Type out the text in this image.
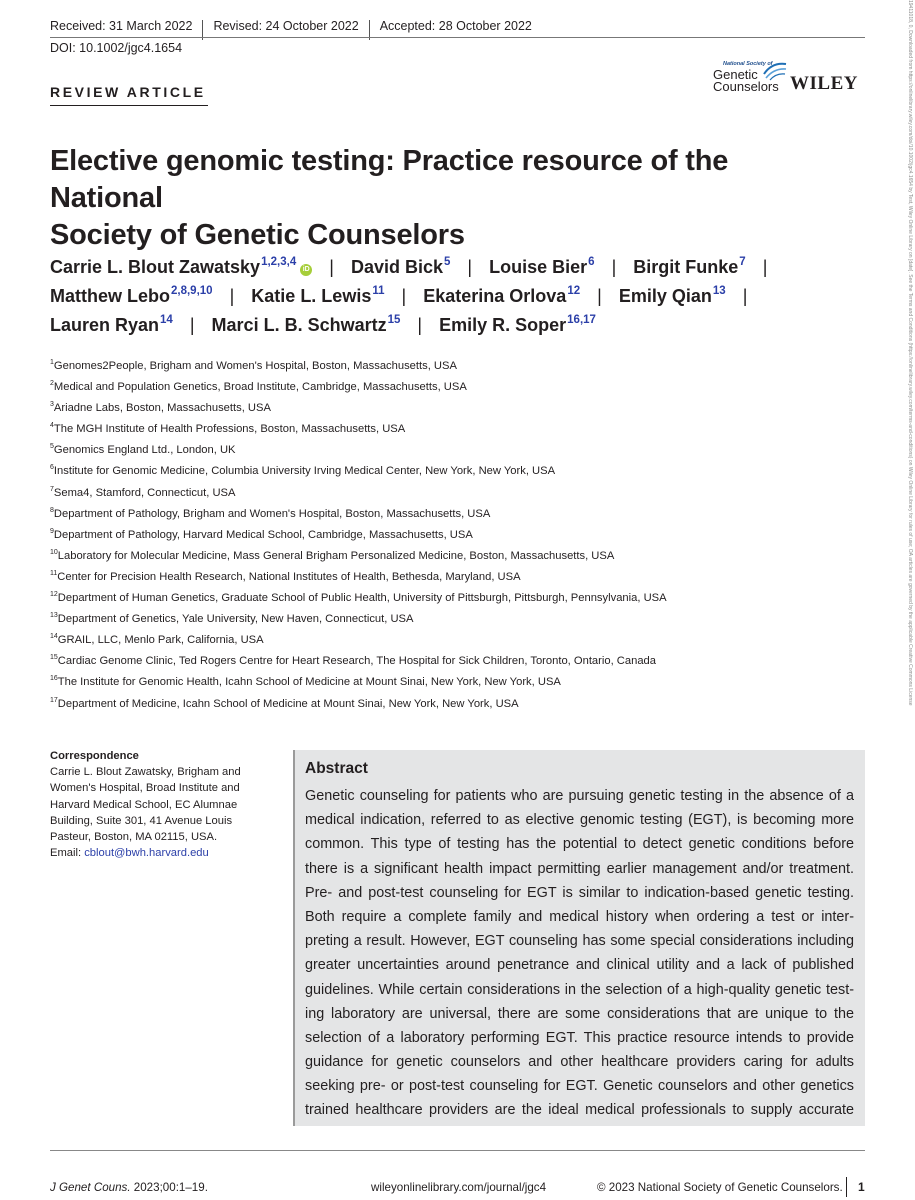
Received: 31 March 2022 Revised: 24 October 2022 Accepted: 28 October 2022
DOI: 10.1002/jgc4.1654
REVIEW ARTICLE
National Society of
Genetic
Counselors WILEY
Elective genomic testing: Practice resource of the National
Society of Genetic Counselors
Carrie L. Blout Zawatsky$^{1,2,3,4}$iD | David Bick$^5$ | Louise Bier$^6$ | Birgit Funke$^7$ |
Matthew Lebo$^{2,8,9,10}$ | Katie L. Lewis$^{11}$ | Ekaterina Orlova$^{12}$ | Emily Qian$^{13}$ |
Lauren Ryan$^{14}$ | Marci L. B. Schwartz$^{15}$ | Emily R. Soper$^{16,17}$
$^1$Genomes2People, Brigham and Women's Hospital, Boston, Massachusetts, USA
$^2$Medical and Population Genetics, Broad Institute, Cambridge, Massachusetts, USA
$^3$Ariadne Labs, Boston, Massachusetts, USA
$^4$The MGH Institute of Health Professions, Boston, Massachusetts, USA
$^5$Genomics England Ltd., London, UK
$^6$Institute for Genomic Medicine, Columbia University Irving Medical Center, New York, New York, USA
$^7$Sema4, Stamford, Connecticut, USA
$^8$Department of Pathology, Brigham and Women's Hospital, Boston, Massachusetts, USA
$^9$Department of Pathology, Harvard Medical School, Cambridge, Massachusetts, USA
$^{10}$Laboratory for Molecular Medicine, Mass General Brigham Personalized Medicine, Boston, Massachusetts, USA
$^{11}$Center for Precision Health Research, National Institutes of Health, Bethesda, Maryland, USA
$^{12}$Department of Human Genetics, Graduate School of Public Health, University of Pittsburgh, Pittsburgh, Pennsylvania, USA
$^{13}$Department of Genetics, Yale University, New Haven, Connecticut, USA
$^{14}$GRAIL, LLC, Menlo Park, California, USA
$^{15}$Cardiac Genome Clinic, Ted Rogers Centre for Heart Research, The Hospital for Sick Children, Toronto, Ontario, Canada
$^{16}$The Institute for Genomic Health, Icahn School of Medicine at Mount Sinai, New York, New York, USA
$^{17}$Department of Medicine, Icahn School of Medicine at Mount Sinai, New York, New York, USA
Correspondence
Carrie L. Blout Zawatsky, Brigham and
Women's Hospital, Broad Institute and
Harvard Medical School, EC Alumnae
Building, Suite 301, 41 Avenue Louis
Pasteur, Boston, MA 02115, USA.
Email: cblout@bwh.harvard.edu
Abstract
Genetic counseling for patients who are pursuing genetic testing in the absence of a
medical indication, referred to as elective genomic testing (EGT), is becoming more
common. This type of testing has the potential to detect genetic conditions before
there is a significant health impact permitting earlier management and/or treatment.
Pre- and post-test counseling for EGT is similar to indication-based genetic testing.
Both require a complete family and medical history when ordering a test or inter-
preting a result. However, EGT counseling has some special considerations including
greater uncertainties around penetrance and clinical utility and a lack of published
guidelines. While certain considerations in the selection of a high-quality genetic test-
ing laboratory are universal, there are some considerations that are unique to the
selection of a laboratory performing EGT. This practice resource intends to provide
guidance for genetic counselors and other healthcare providers caring for adults
seeking pre- or post-test counseling for EGT. Genetic counselors and other genetics
trained healthcare providers are the ideal medical professionals to supply accurate
J Genet Couns. 2023;00:1–19.	wileyonlinelibrary.com/journal/jgc4	© 2023 National Society of Genetic Counselors. 1
19411018, 0, Downloaded from https://onlinelibrary.wiley.com/doi/10.1002/jgc4.1654 by Test, Wiley Online Library on [date]. See the Terms and Conditions (https://onlinelibrary.wiley.com/terms-and-conditions) on Wiley Online Library for rules of use; OA articles are governed by the applicable Creative Commons License
